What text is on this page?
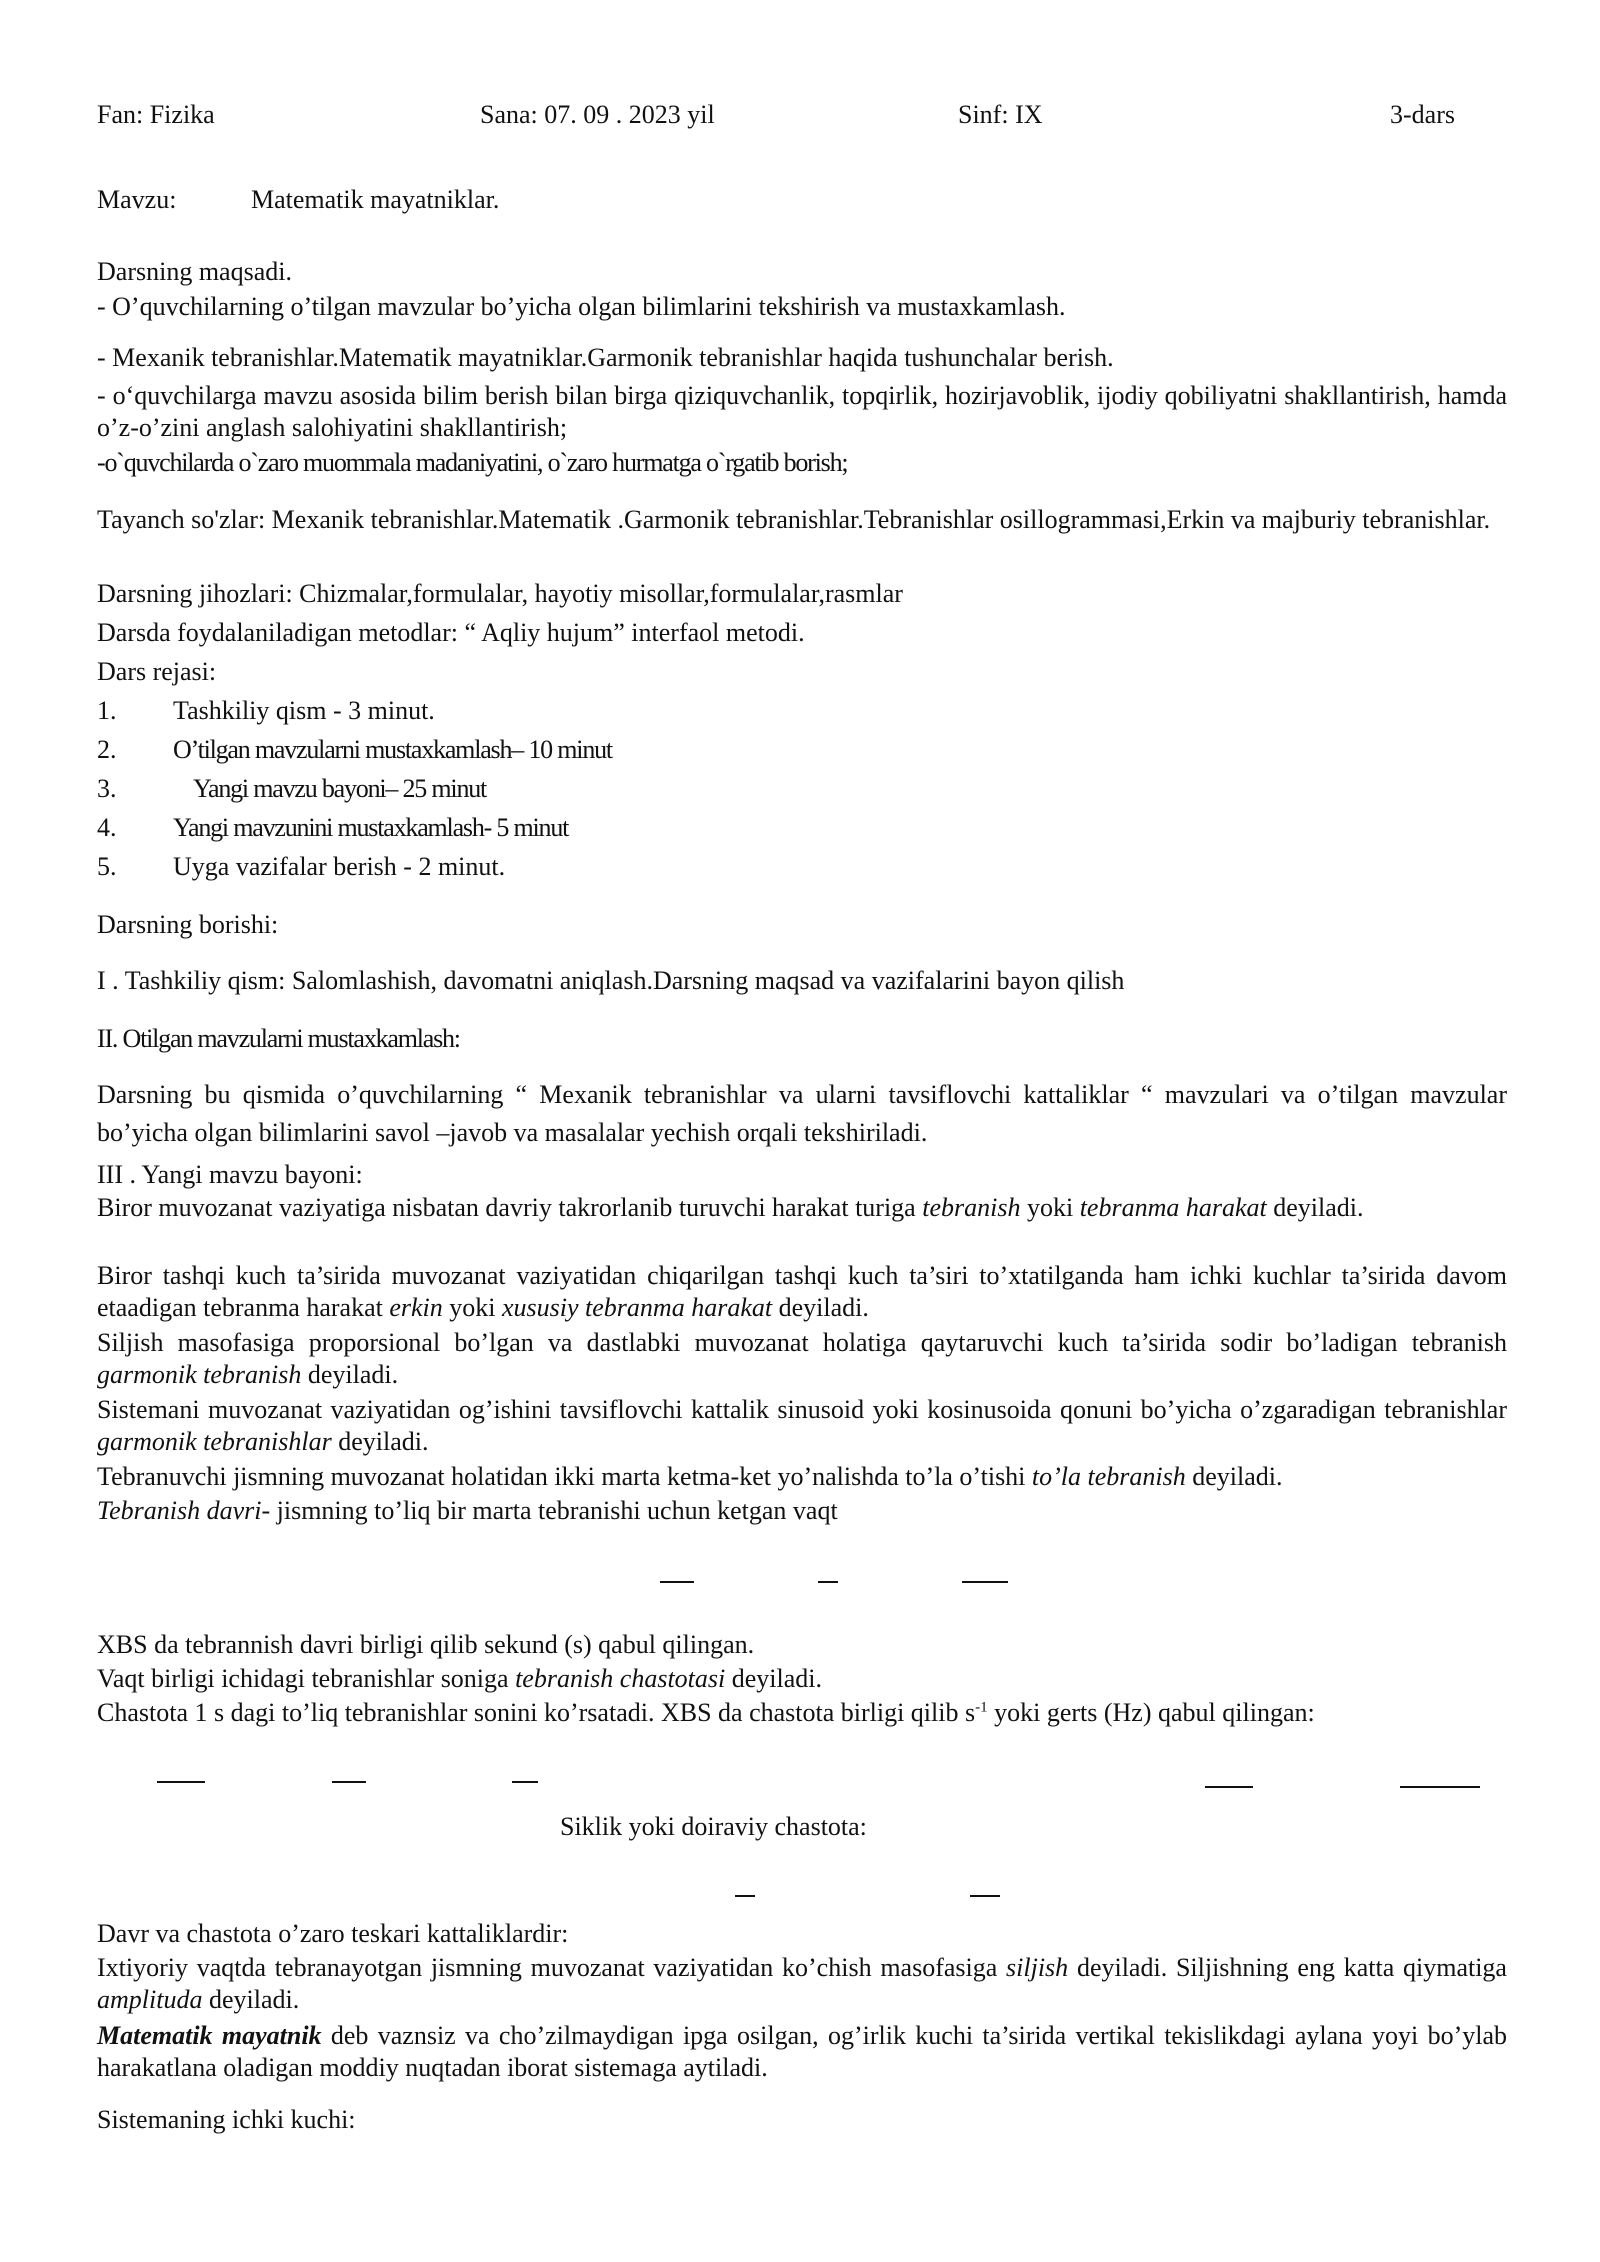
Fan: Fizika	Sana: 07. 09 . 2023 yil	Sinf: IX	3-dars
Mavzu:	Matematik mayatniklar.
Darsning maqsadi.
- O’quvchilarning o’tilgan mavzular bo’yicha olgan bilimlarini tekshirish va mustaxkamlash.
- Mexanik tebranishlar.Matematik mayatniklar.Garmonik tebranishlar haqida tushunchalar berish.
- o‘quvchilarga mavzu asosida bilim berish bilan birga qiziquvchanlik, topqirlik, hozirjavoblik, ijodiy qobiliyatni shakllantirish, hamda o’z-o’zini anglash salohiyatini shakllantirish;
-o`quvchilarda o`zaro muommala madaniyatini, o`zaro hurmatga o`rgatib borish;
Tayanch so'zlar: Mexanik tebranishlar.Matematik .Garmonik tebranishlar.Tebranishlar osillogrammasi,Erkin va majburiy tebranishlar.
Darsning jihozlari: Chizmalar,formulalar, hayotiy misollar,formulalar,rasmlar
Darsda foydalaniladigan metodlar: “ Aqliy hujum” interfaol metodi.
Dars rejasi:
1. Tashkiliy qism - 3 minut.
2. O’tilgan mavzularni mustaxkamlash– 10 minut
3.	Yangi mavzu bayoni– 25 minut
4. Yangi mavzunini mustaxkamlash- 5 minut
5. Uyga vazifalar berish - 2 minut.
Darsning borishi:
I . Tashkiliy qism: Salomlashish, davomatni aniqlash.Darsning maqsad va vazifalarini bayon qilish
II. Otilgan mavzularni mustaxkamlash:
Darsning bu qismida o’quvchilarning “ Mexanik tebranishlar va ularni tavsiflovchi kattaliklar “ mavzulari va o’tilgan mavzular bo’yicha olgan bilimlarini savol –javob va masalalar yechish orqali tekshiriladi.
III . Yangi mavzu bayoni:
Biror muvozanat vaziyatiga nisbatan davriy takrorlanib turuvchi harakat turiga tebranish yoki tebranma harakat deyiladi.
Biror tashqi kuch ta’sirida muvozanat vaziyatidan chiqarilgan tashqi kuch ta’siri to’xtatilganda ham ichki kuchlar ta’sirida davom etaadigan tebranma harakat erkin yoki xususiy tebranma harakat deyiladi.
Siljish masofasiga proporsional bo’lgan va dastlabki muvozanat holatiga qaytaruvchi kuch ta’sirida sodir bo’ladigan tebranish garmonik tebranish deyiladi.
Sistemani muvozanat vaziyatidan og’ishini tavsiflovchi kattalik sinusoid yoki kosinusoida qonuni bo’yicha o’zgaradigan tebranishlar garmonik tebranishlar deyiladi.
Tebranuvchi jismning muvozanat holatidan ikki marta ketma-ket yo’nalishda to’la o’tishi to’la tebranish deyiladi.
Tebranish davri- jismning to’liq bir marta tebranishi uchun ketgan vaqt
XBS da tebrannish davri birligi qilib sekund (s) qabul qilingan.
Vaqt birligi ichidagi tebranishlar soniga tebranish chastotasi deyiladi.
Chastota 1 s dagi to’liq tebranishlar sonini ko’rsatadi. XBS da chastota birligi qilib $s^{-1}$ yoki gerts (Hz) qabul qilingan:
Siklik yoki doiraviy chastota:
Davr va chastota o’zaro teskari kattaliklardir:
Ixtiyoriy vaqtda tebranayotgan jismning muvozanat vaziyatidan ko’chish masofasiga siljish deyiladi. Siljishning eng katta qiymatiga amplituda deyiladi.
Matematik mayatnik deb vaznsiz va cho’zilmaydigan ipga osilgan, og’irlik kuchi ta’sirida vertikal tekislikdagi aylana yoyi bo’ylab harakatlana oladigan moddiy nuqtadan iborat sistemaga aytiladi.
Sistemaning ichki kuchi:
